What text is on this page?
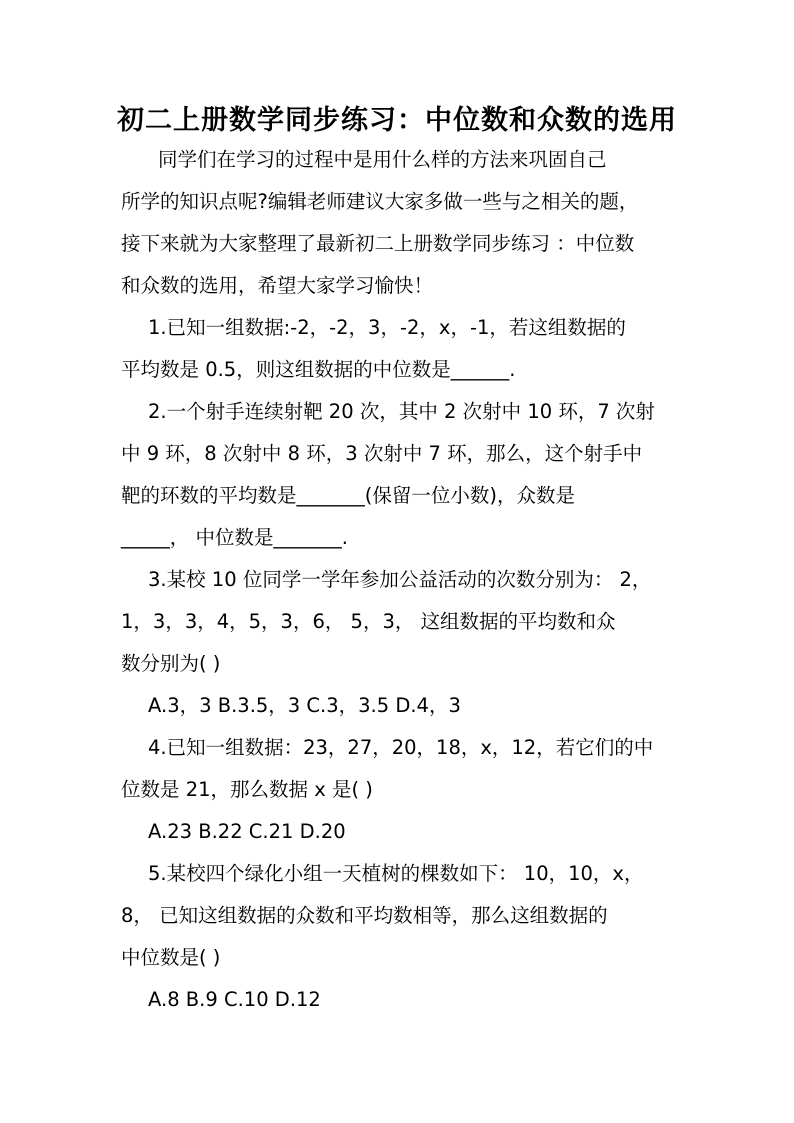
初二上册数学同步练习：中位数和众数的选用
同学们在学习的过程中是用什么样的方法来巩固自己
所学的知识点呢?编辑老师建议大家多做一些与之相关的题，
接下来就为大家整理了最新初二上册数学同步练习 ：中位数
和众数的选用，希望大家学习愉快！
1.已知一组数据:-2，-2，3，-2，x，-1，若这组数据的
平均数是 0.5，则这组数据的中位数是______.
2.一个射手连续射靶 20 次，其中 2 次射中 10 环，7 次射
中 9 环，8 次射中 8 环，3 次射中 7 环，那么，这个射手中
靶的环数的平均数是_______(保留一位小数)，众数是
_____， 中位数是_______.
3.某校 10 位同学一学年参加公益活动的次数分别为： 2，
1，3，3，4，5，3，6， 5，3， 这组数据的平均数和众
数分别为( )
A.3，3 B.3.5，3 C.3，3.5 D.4，3
4.已知一组数据：23，27，20，18，x，12，若它们的中
位数是 21，那么数据 x 是( )
A.23 B.22 C.21 D.20
5.某校四个绿化小组一天植树的棵数如下： 10，10，x，
8， 已知这组数据的众数和平均数相等，那么这组数据的
中位数是( )
A.8 B.9 C.10 D.12
